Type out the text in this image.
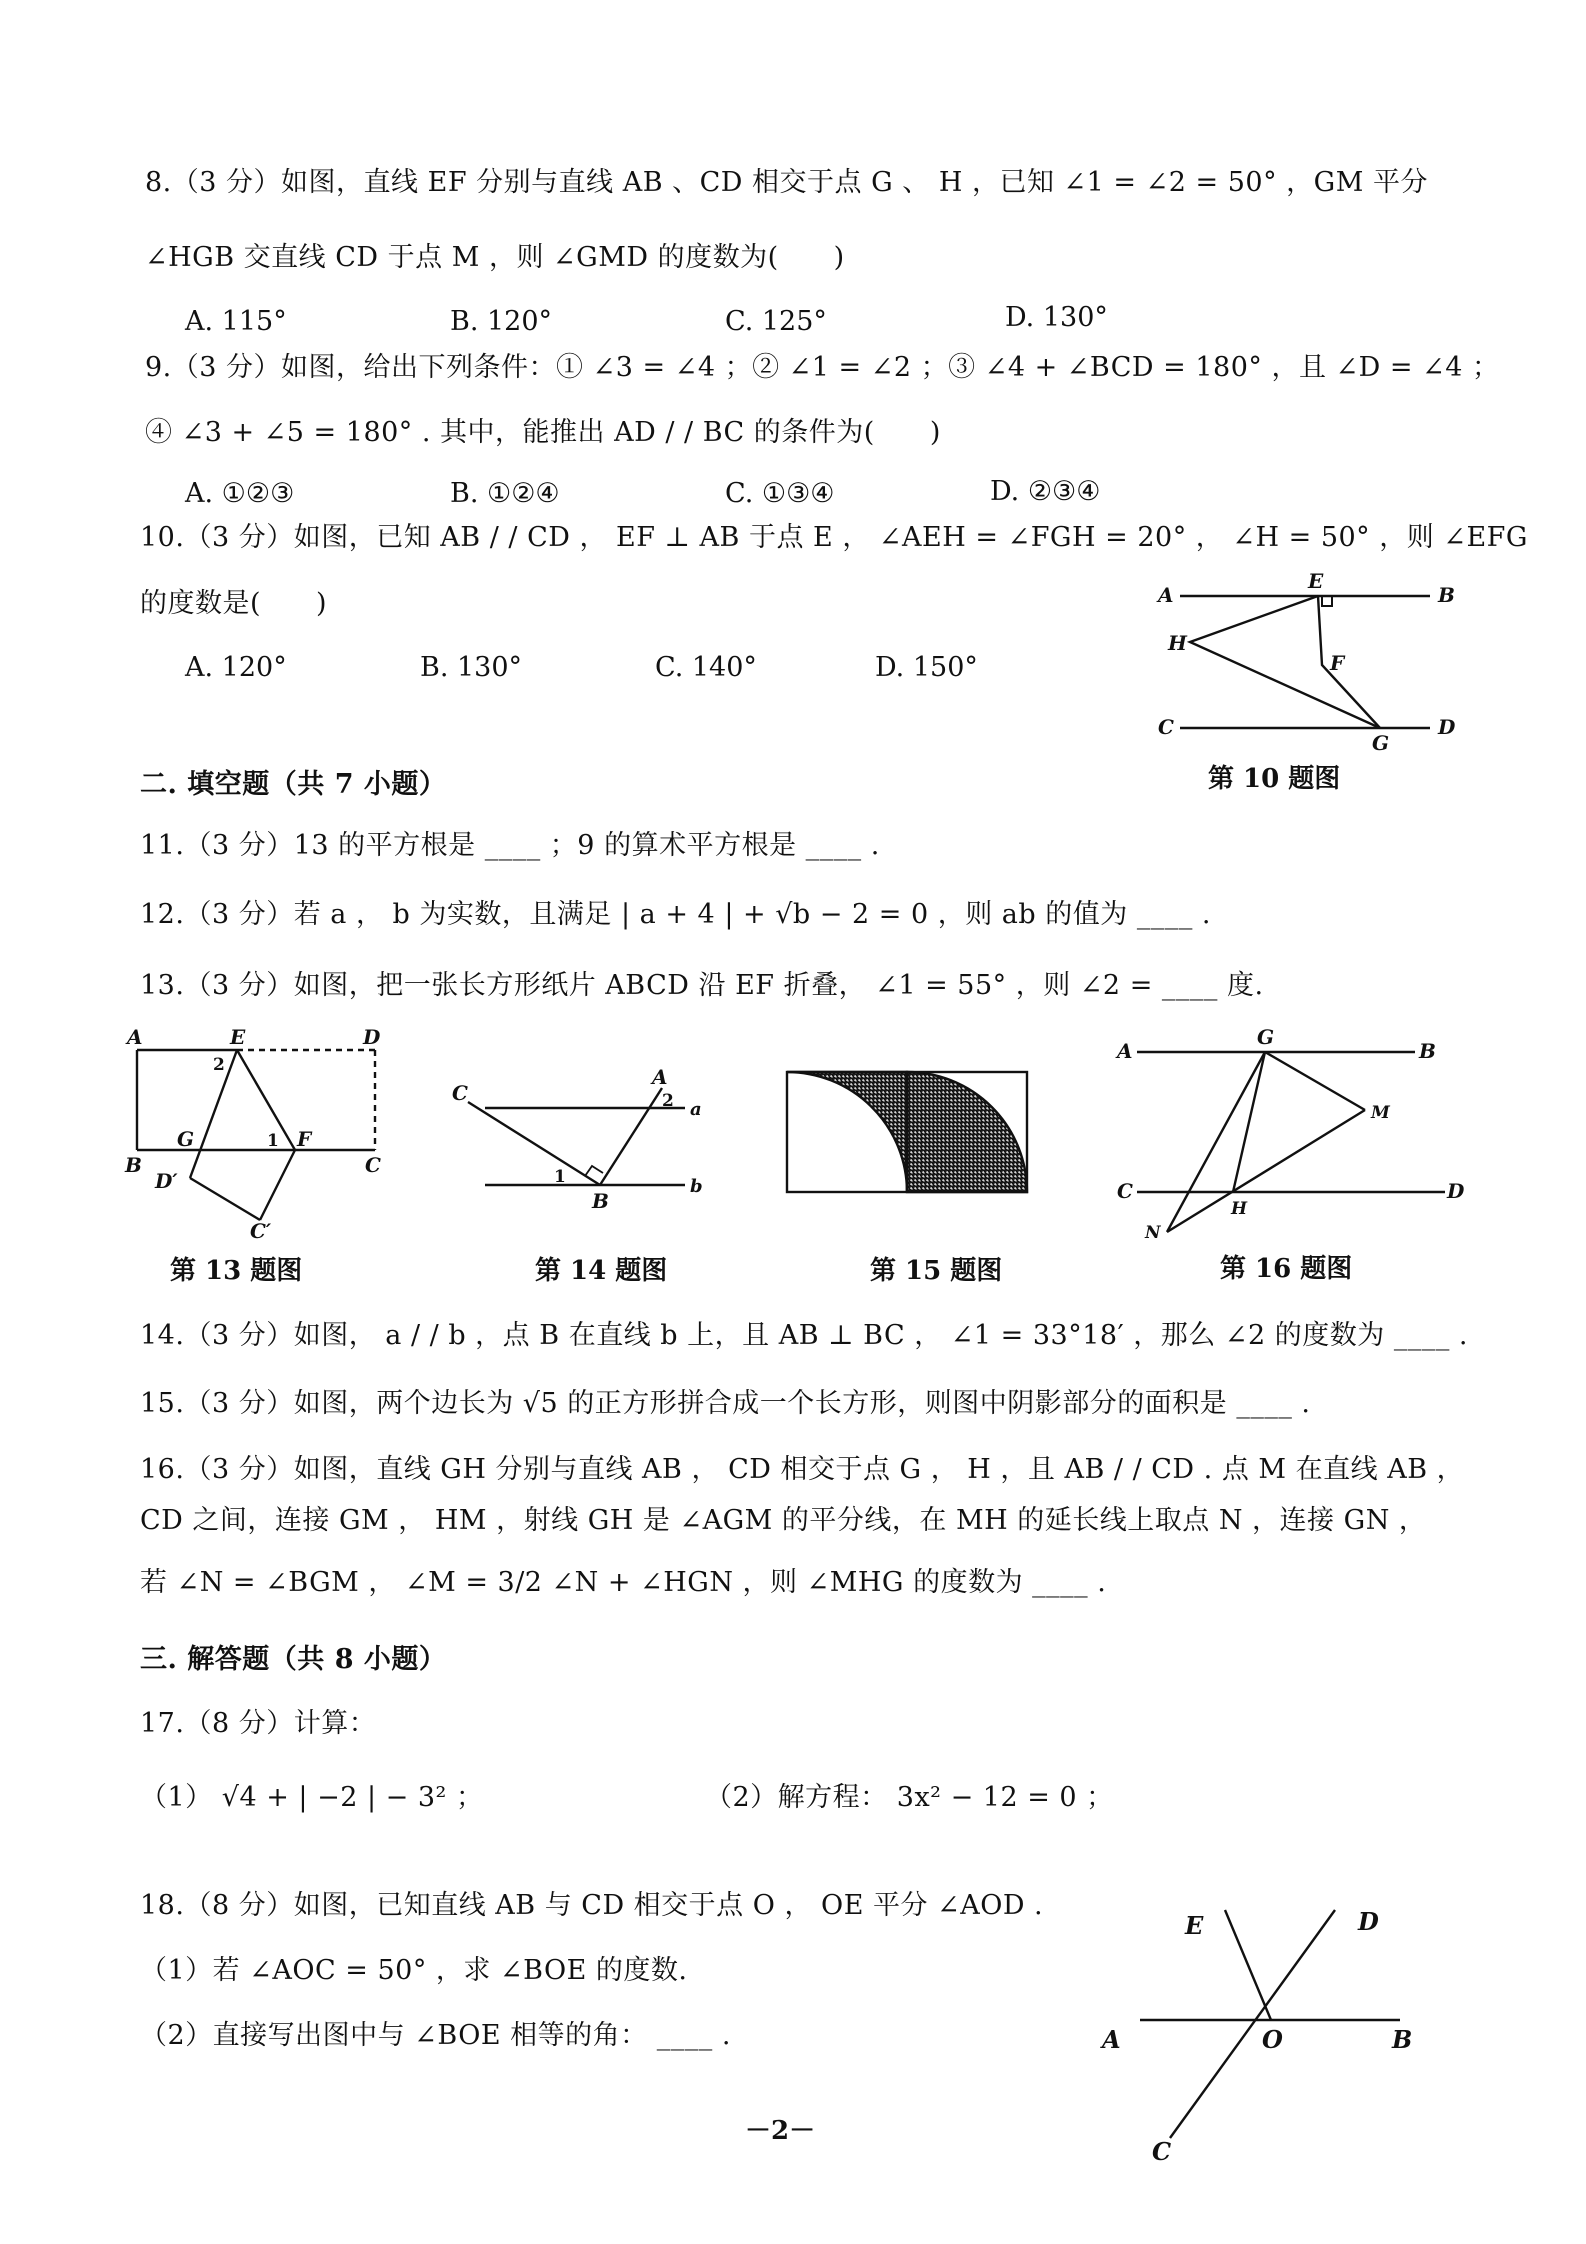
8.（3 分）如图，直线 EF 分别与直线 AB 、CD 相交于点 G 、 H ，已知 ∠1 = ∠2 = 50° ，GM 平分
∠HGB 交直线 CD 于点 M ，则 ∠GMD 的度数为(　　)
A. 115°	B. 120°	C. 125°	D. 130°
9.（3 分）如图，给出下列条件：① ∠3 = ∠4 ；② ∠1 = ∠2 ；③ ∠4 + ∠BCD = 180° ，且 ∠D = ∠4 ；
④ ∠3 + ∠5 = 180° . 其中，能推出 AD / / BC 的条件为(　　)
A. ①②③	B. ①②④	C. ①③④	D. ②③④
10.（3 分）如图，已知 AB / / CD ， EF ⊥ AB 于点 E ， ∠AEH = ∠FGH = 20° ， ∠H = 50° ，则 ∠EFG
的度数是(　　)
A. 120°	B. 130°	C. 140°	D. 150°
A
E
B
H
F
C
G
D
第 10 题图
二. 填空题（共 7 小题）
11.（3 分）13 的平方根是 ____ ；9 的算术平方根是 ____ .
12.（3 分）若 a ， b 为实数，且满足 | a + 4 | + √b − 2 = 0 ，则 ab 的值为 ____ .
13.（3 分）如图，把一张长方形纸片 ABCD 沿 EF 折叠， ∠1 = 55° ，则 ∠2 = ____ 度.
A	E	D
2
G	1 F
B	C
D′
C′
第 13 题图
C
A
2 a
1
B
b
第 14 题图	第 15 题图
A
G
B
M
C
H
D
N
第 16 题图
14.（3 分）如图， a / / b ，点 B 在直线 b 上，且 AB ⊥ BC ， ∠1 = 33°18′ ，那么 ∠2 的度数为 ____ .
15.（3 分）如图，两个边长为 √5 的正方形拼合成一个长方形，则图中阴影部分的面积是 ____ .
16.（3 分）如图，直线 GH 分别与直线 AB ， CD 相交于点 G ， H ，且 AB / / CD . 点 M 在直线 AB ，
CD 之间，连接 GM ， HM ，射线 GH 是 ∠AGM 的平分线，在 MH 的延长线上取点 N ，连接 GN ，
若 ∠N = ∠BGM ， ∠M = 3/2 ∠N + ∠HGN ，则 ∠MHG 的度数为 ____ .
三. 解答题（共 8 小题）
17.（8 分）计算：
（1） √4 + | −2 | − 3² ；	（2）解方程： 3x² − 12 = 0 ；
18.（8 分）如图，已知直线 AB 与 CD 相交于点 O ， OE 平分 ∠AOD .
（1）若 ∠AOC = 50° ，求 ∠BOE 的度数.
（2）直接写出图中与 ∠BOE 相等的角： ____ .
E	D
A	O	B
C
－2－
